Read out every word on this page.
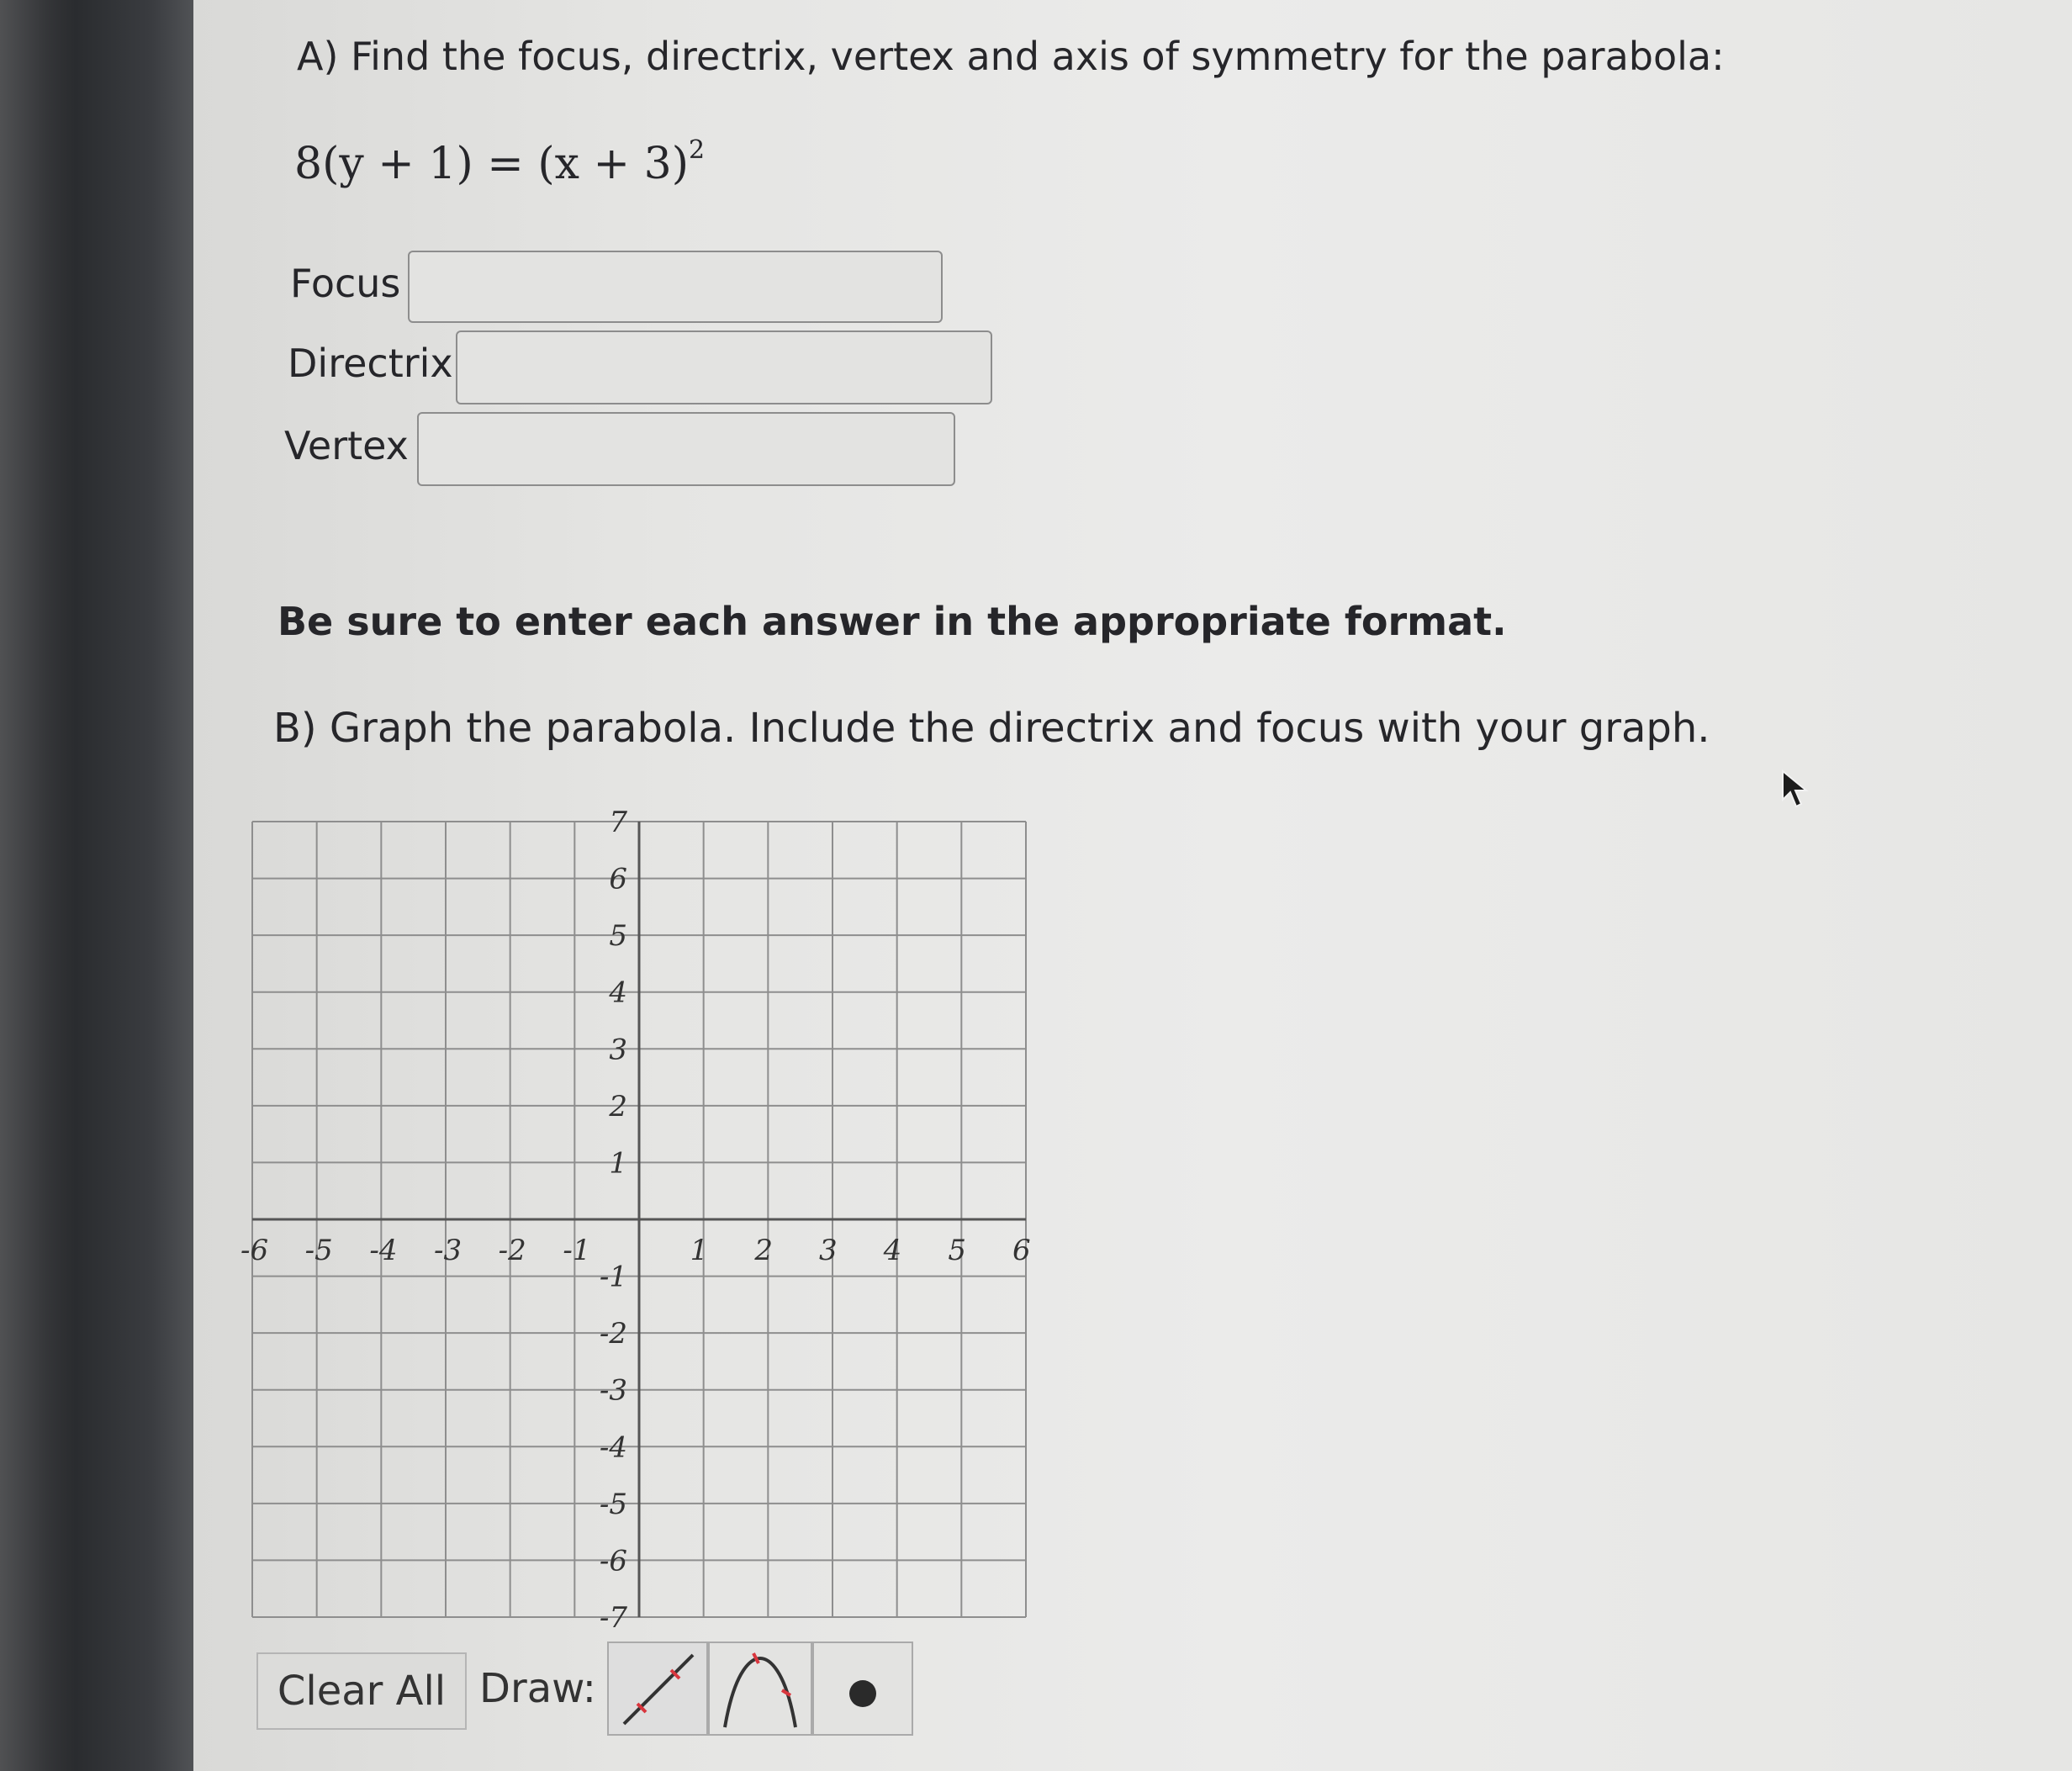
A) Find the focus, directrix, vertex and axis of symmetry for the parabola:
$8(y + 1) = (x + 3)^2$
Focus
Directrix
Vertex
Be sure to enter each answer in the appropriate format.
B) Graph the parabola. Include the directrix and focus with your graph.
-6 -5 -4 -3 -2 -1	1 2 3 4 5 6
7
6
5
4
3
2
1
-1
-2
-3
-4
-5
-6
-7
Clear All Draw:
